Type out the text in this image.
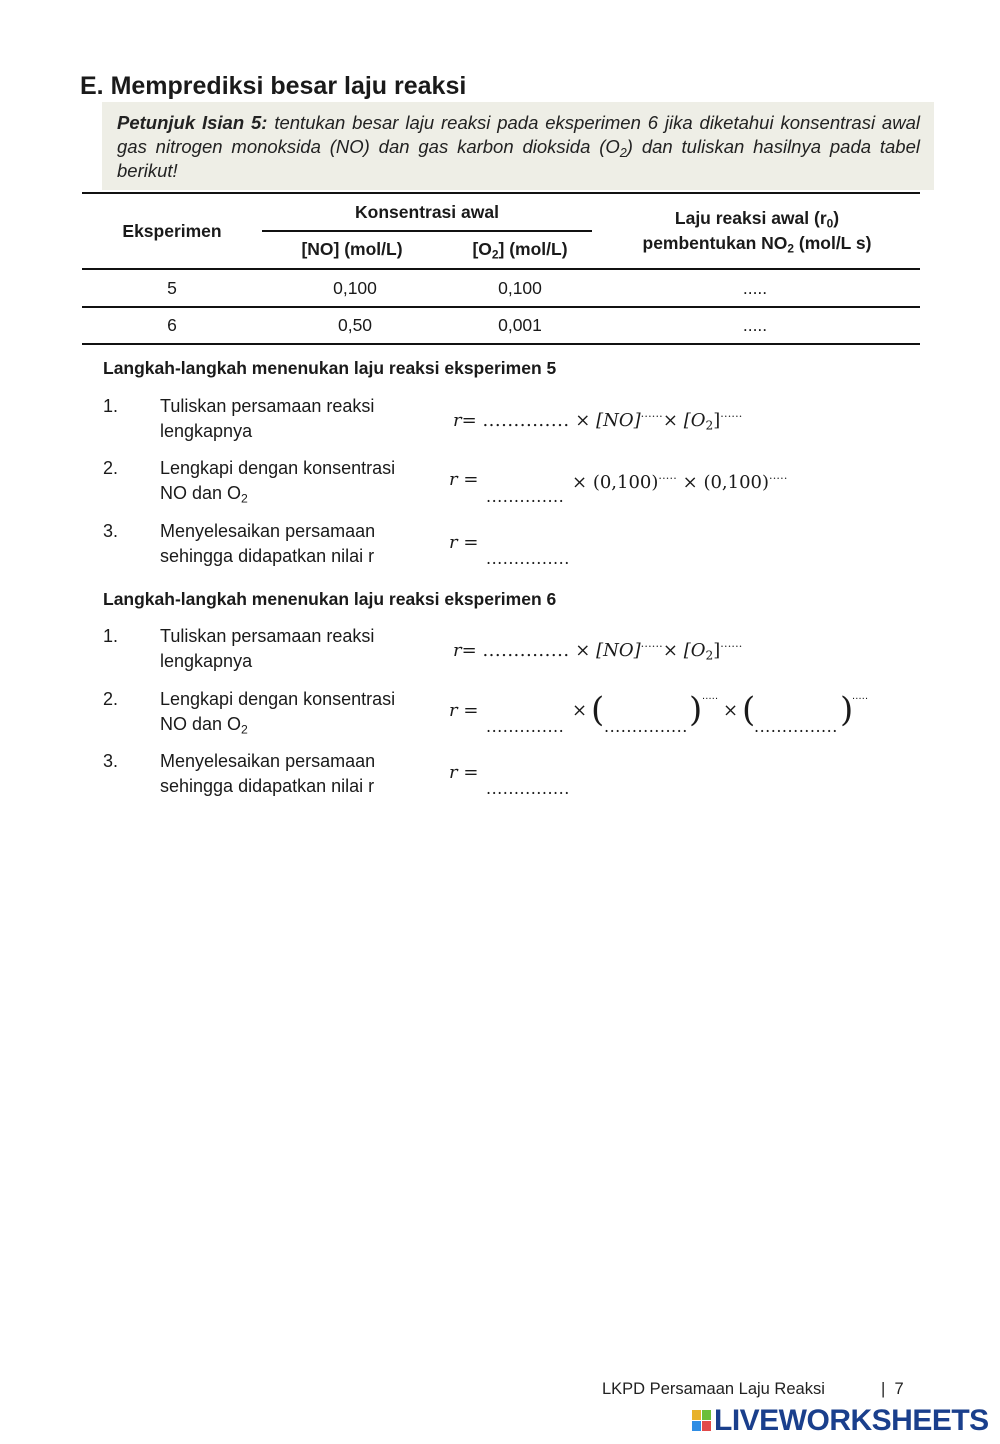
E. Memprediksi besar laju reaksi
Petunjuk Isian 5: tentukan besar laju reaksi pada eksperimen 6 jika diketahui konsentrasi awal gas nitrogen monoksida (NO) dan gas karbon dioksida $(O_2)$ dan tuliskan hasilnya pada tabel berikut!
Eksperimen
Konsentrasi awal
[NO] (mol/L)	$[O_2]$ (mol/L)
Laju reaksi awal $(r_0)$
pembentukan $NO_2$ (mol/L s)
5	0,100	0,100	.....
6	0,50	0,001	.....
Langkah-langkah menenukan laju reaksi eksperimen 5
1. Tuliskan persamaan reaksi
lengkapnya	r= .............. × $[NO]^{......}\times [O_2]^{......}$
2. Lengkapi dengan konsentrasi
NO dan $O_2$
r =
..............
× (0,100)..... × (0,100).....
3. Menyelesaikan persamaan
sehingga didapatkan nilai r
r =
...............
Langkah-langkah menenukan laju reaksi eksperimen 6
1. Tuliskan persamaan reaksi
lengkapnya	r= .............. × $[NO]^{......}\times [O_2]^{......}$
2. Lengkapi dengan konsentrasi
NO dan $O_2$
r =
..............
× ( ............... ) .....
× (
............... )
.....
3. Menyelesaikan persamaan
sehingga didapatkan nilai r
r =
...............
LKPD Persamaan Laju Reaksi	| 7
LIVEWORKSHEETS
